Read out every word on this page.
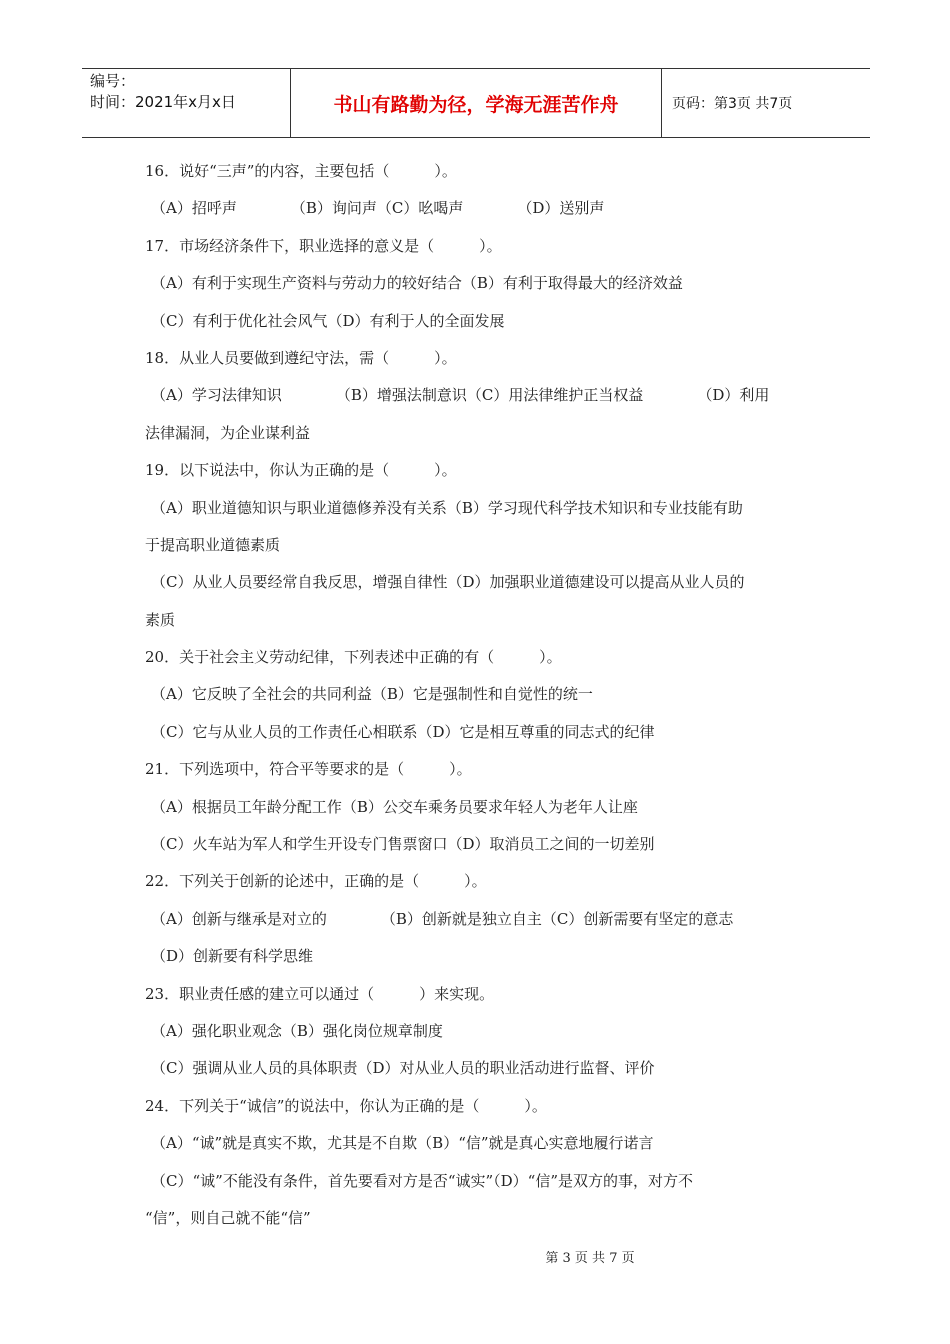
编号：
时间：2021年x月x日	书山有路勤为径，学海无涯苦作舟	页码：第3页 共7页
16．说好“三声”的内容，主要包括（　　　）。
（A）招呼声	（B）询问声（C）吆喝声	（D）送别声
17．市场经济条件下，职业选择的意义是（　　　）。
（A）有利于实现生产资料与劳动力的较好结合（B）有利于取得最大的经济效益
（C）有利于优化社会风气（D）有利于人的全面发展
18．从业人员要做到遵纪守法，需（　　　）。
（A）学习法律知识	（B）增强法制意识（C）用法律维护正当权益	（D）利用
法律漏洞，为企业谋利益
19．以下说法中，你认为正确的是（　　　）。
（A）职业道德知识与职业道德修养没有关系（B）学习现代科学技术知识和专业技能有助
于提高职业道德素质
（C）从业人员要经常自我反思，增强自律性（D）加强职业道德建设可以提高从业人员的
素质
20．关于社会主义劳动纪律，下列表述中正确的有（　　　）。
（A）它反映了全社会的共同利益（B）它是强制性和自觉性的统一
（C）它与从业人员的工作责任心相联系（D）它是相互尊重的同志式的纪律
21．下列选项中，符合平等要求的是（　　　）。
（A）根据员工年龄分配工作（B）公交车乘务员要求年轻人为老年人让座
（C）火车站为军人和学生开设专门售票窗口（D）取消员工之间的一切差别
22．下列关于创新的论述中，正确的是（　　　）。
（A）创新与继承是对立的	（B）创新就是独立自主（C）创新需要有坚定的意志
（D）创新要有科学思维
23．职业责任感的建立可以通过（　　　）来实现。
（A）强化职业观念（B）强化岗位规章制度
（C）强调从业人员的具体职责（D）对从业人员的职业活动进行监督、评价
24．下列关于“诚信”的说法中，你认为正确的是（　　　）。
（A）“诚”就是真实不欺，尤其是不自欺（B）“信”就是真心实意地履行诺言
（C）“诚”不能没有条件，首先要看对方是否“诚实”（D）“信”是双方的事，对方不
“信”，则自己就不能“信”
第 3 页 共 7 页
